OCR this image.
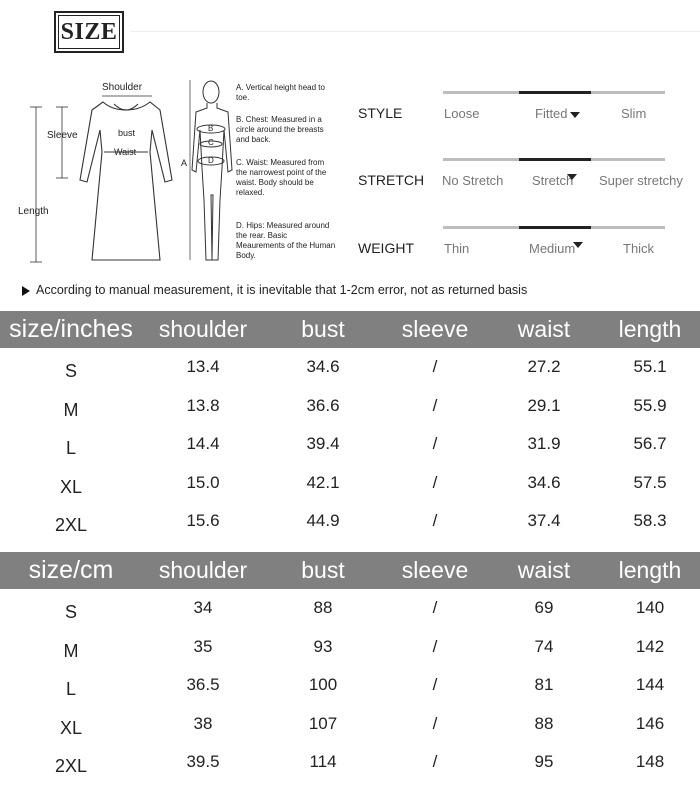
SIZE
Shoulder
Sleeve
Length
bust
Waist
A
B
C
D
A. Vertical height head to toe.
B. Chest: Measured in a circle around the breasts and back.
C. Waist: Measured from the narrowest point of the waist. Body should be relaxed.
D. Hips: Measured around the rear. Basic Meaurements of the Human Body.
STYLE	Loose	Fitted	Slim
STRETCH No Stretch Stretch	Super stretchy
WEIGHT Thin	Medium	Thick
According to manual measurement, it is inevitable that 1-2cm error, not as returned basis
size/inches	shoulder	bust	sleeve	waist	length
S	13.4	34.6	/	27.2	55.1
M	13.8	36.6	/	29.1	55.9
L	14.4	39.4	/	31.9	56.7
XL	15.0	42.1	/	34.6	57.5
2XL	15.6	44.9	/	37.4	58.3
size/cm	shoulder	bust	sleeve	waist	length
S	34	88	/	69	140
M	35	93	/	74	142
L	36.5	100	/	81	144
XL	38	107	/	88	146
2XL	39.5	114	/	95	148
